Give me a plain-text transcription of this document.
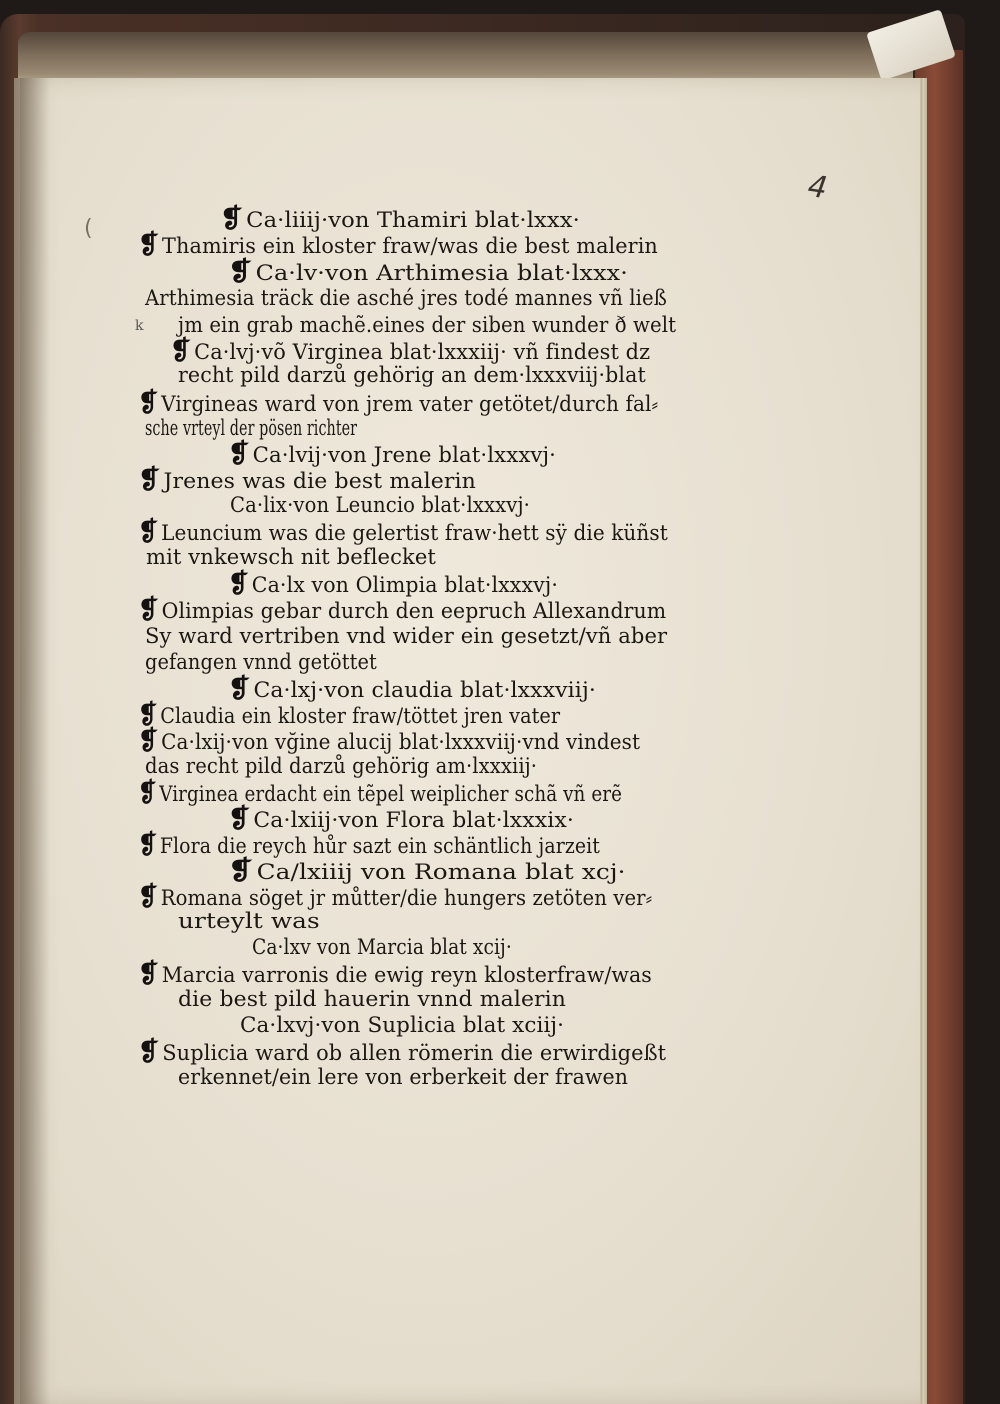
4
(
k
❡ Ca·liiij·von Thamiri blat·lxxx·
❡ Thamiris ein kloster fraw/was die best malerin
❡ Ca·lv·von Arthimesia blat·lxxx·
Arthimesia träck die asché jres todé mannes vñ ließ
jm ein grab machẽ.eines der siben wunder ð welt
❡ Ca·lvj·võ Virginea blat·lxxxiij· vñ findest dz
recht pild darzů gehörig an dem·lxxxviij·blat
❡ Virgineas ward von jrem vater getötet/durch fal⸗
sche vrteyl der pösen richter
❡ Ca·lvij·von Jrene blat·lxxxvj·
❡ Jrenes was die best malerin
Ca·lix·von Leuncio blat·lxxxvj·
❡ Leuncium was die gelertist fraw·hett sÿ die küñst
mit vnkewsch nit beflecket
❡ Ca·lx von Olimpia blat·lxxxvj·
❡ Olimpias gebar durch den eepruch Allexandrum
Sy ward vertriben vnd wider ein gesetzt/vñ aber
gefangen vnnd getöttet
❡ Ca·lxj·von claudia blat·lxxxviij·
❡ Claudia ein kloster fraw/töttet jren vater
❡ Ca·lxij·von vğine alucij blat·lxxxviij·vnd vindest
das recht pild darzů gehörig am·lxxxiij·
❡ Virginea erdacht ein tẽpel weiplicher schã vñ erẽ
❡ Ca·lxiij·von Flora blat·lxxxix·
❡ Flora die reych hůr sazt ein schäntlich jarzeit
❡ Ca/lxiiij von Romana blat xcj·
❡ Romana söget jr můtter/die hungers zetöten ver⸗
urteylt was
Ca·lxv von Marcia blat xcij·
❡ Marcia varronis die ewig reyn klosterfraw/was
die best pild hauerin vnnd malerin
Ca·lxvj·von Suplicia blat xciij·
❡ Suplicia ward ob allen römerin die erwirdigeßt
erkennet/ein lere von erberkeit der frawen
